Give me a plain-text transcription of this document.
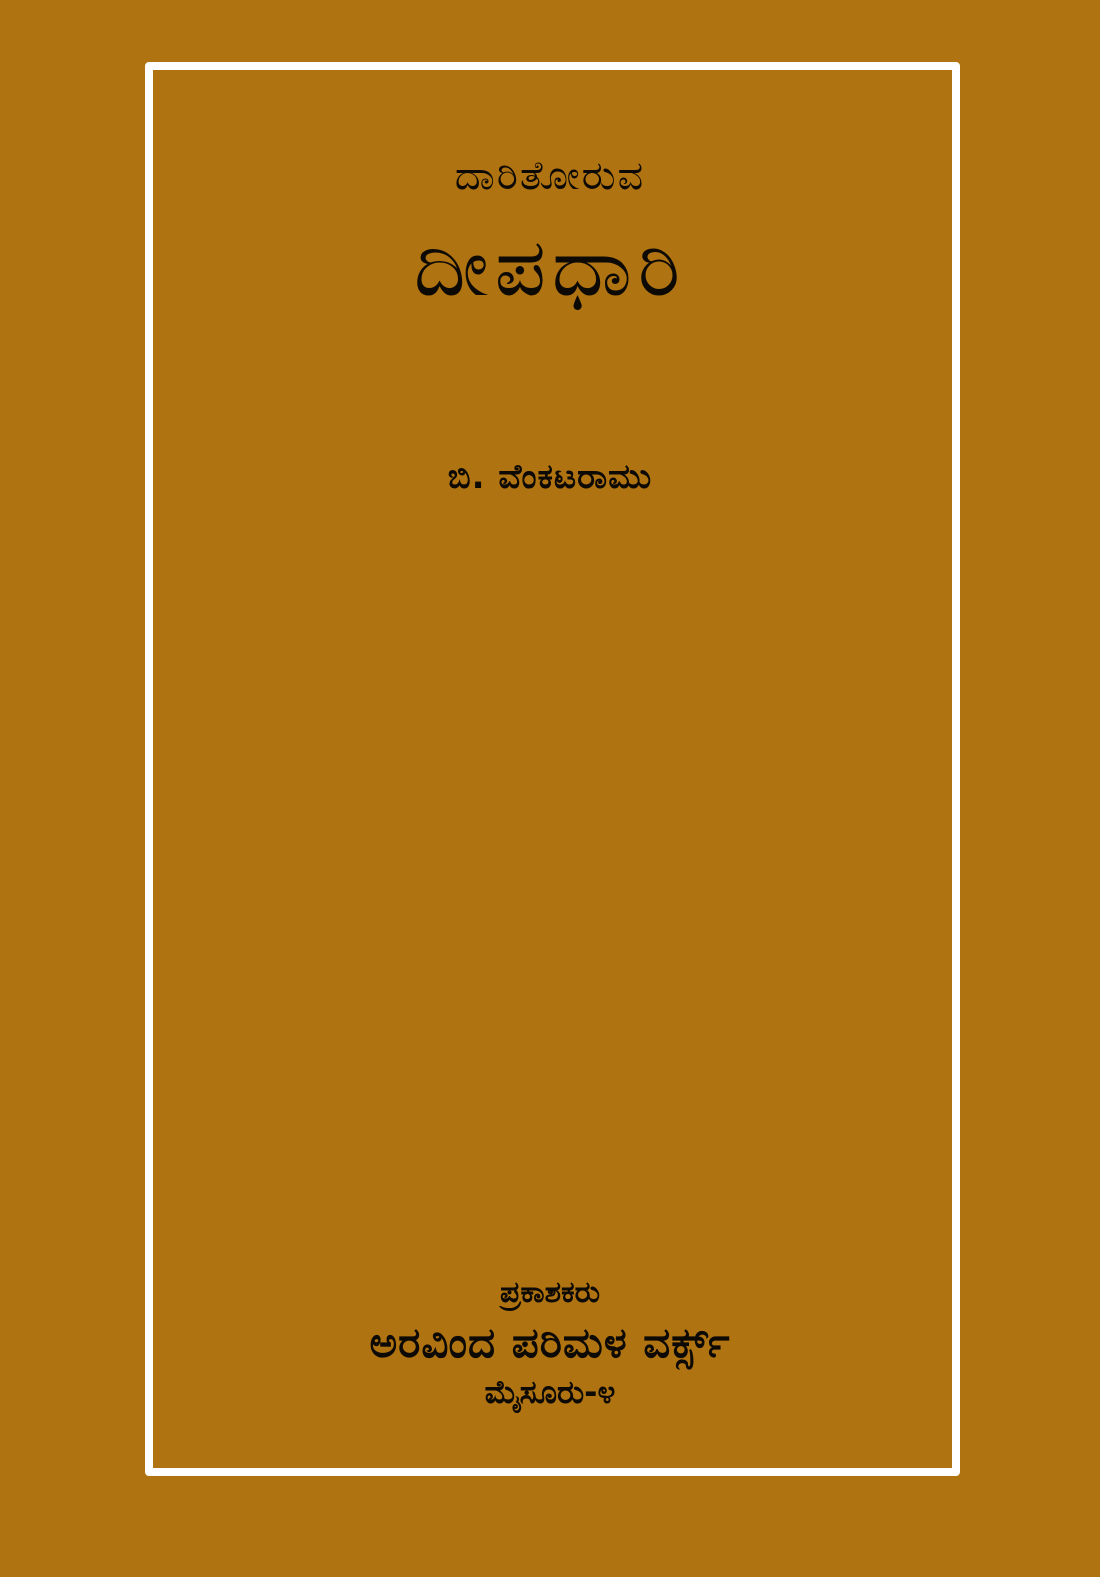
ದಾರಿತೋರುವ
ದೀಪಧಾರಿ
ಬಿ. ವೆಂಕಟರಾಮು
ಪ್ರಕಾಶಕರು
ಅರವಿಂದ ಪರಿಮಳ ವರ್ಕ್ಸ್
ಮೈಸೂರು-೪
